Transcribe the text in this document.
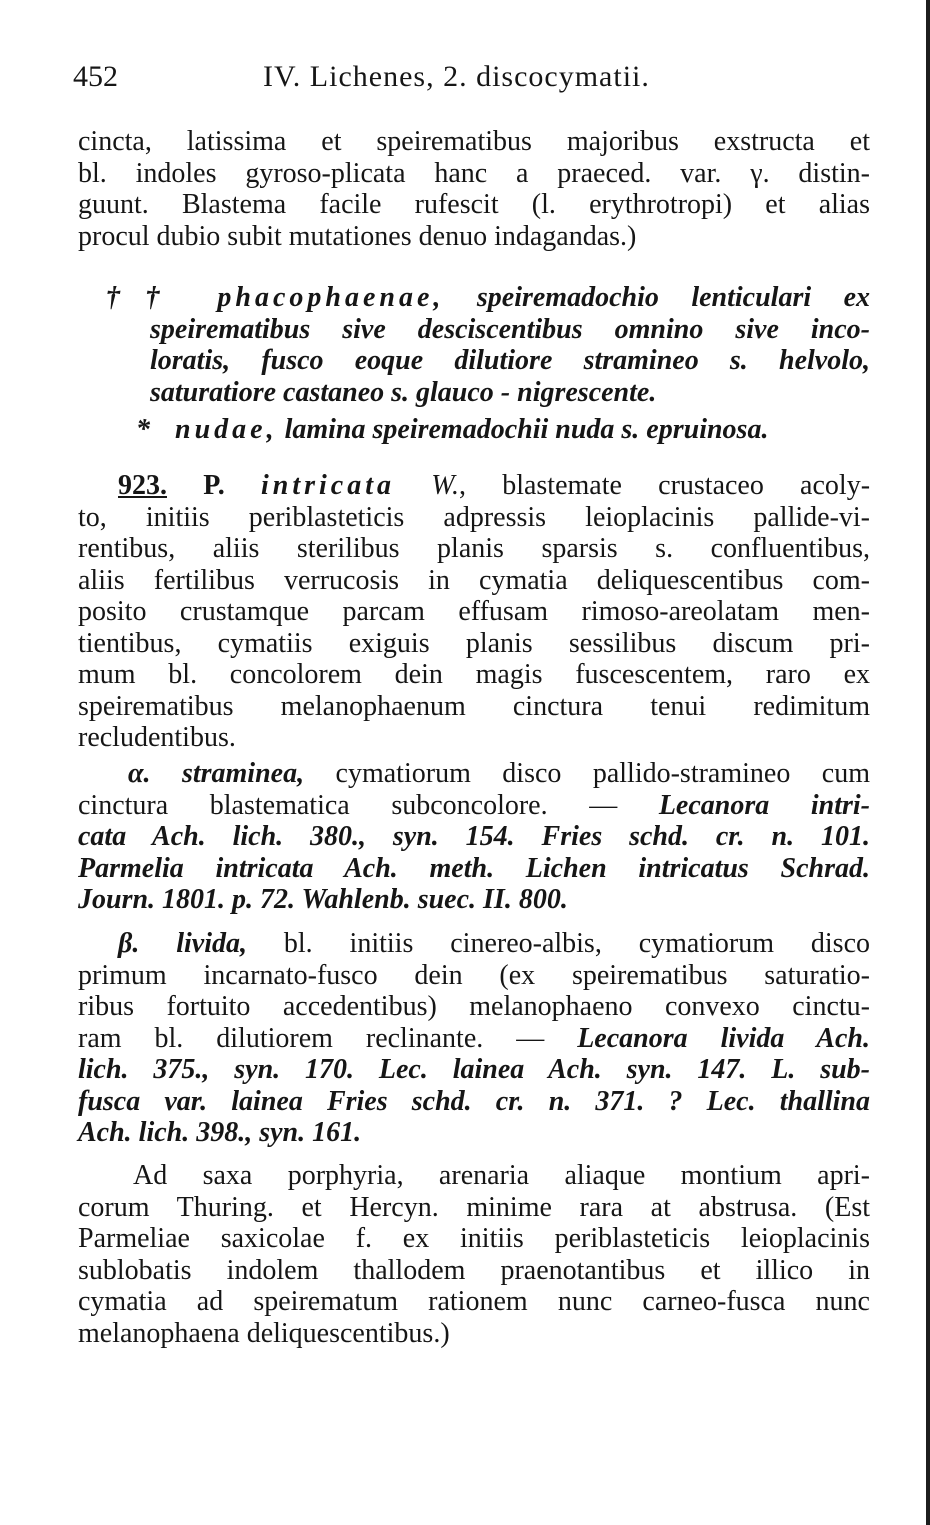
452	IV. Lichenes, 2. discocymatii.
cincta, latissima et speirematibus majoribus exstructa et
bl. indoles gyroso-plicata hanc a praeced. var. γ. distin-
guunt. Blastema facile rufescit (l. erythrotropi) et alias
procul dubio subit mutationes denuo indagandas.)
†† phacophaenae, speiremadochio lenticulari ex
speirematibus sive desciscentibus omnino sive inco-
loratis, fusco eoque dilutiore stramineo s. helvolo,
saturatiore castaneo s. glauco - nigrescente.
* nudae, lamina speiremadochii nuda s. epruinosa.
923. P. intricata W., blastemate crustaceo acoly-
to, initiis periblasteticis adpressis leioplacinis pallide-vi-
rentibus, aliis sterilibus planis sparsis s. confluentibus,
aliis fertilibus verrucosis in cymatia deliquescentibus com-
posito crustamque parcam effusam rimoso-areolatam men-
tientibus, cymatiis exiguis planis sessilibus discum pri-
mum bl. concolorem dein magis fuscescentem, raro ex
speirematibus melanophaenum cinctura tenui redimitum
recludentibus.
α. straminea, cymatiorum disco pallido-stramineo cum
cinctura blastematica subconcolore. — Lecanora intri-
cata Ach. lich. 380., syn. 154. Fries schd. cr. n. 101.
Parmelia intricata Ach. meth. Lichen intricatus Schrad.
Journ. 1801. p. 72. Wahlenb. suec. II. 800.
β. livida, bl. initiis cinereo-albis, cymatiorum disco
primum incarnato-fusco dein (ex speirematibus saturatio-
ribus fortuito accedentibus) melanophaeno convexo cinctu-
ram bl. dilutiorem reclinante. — Lecanora livida Ach.
lich. 375., syn. 170. Lec. lainea Ach. syn. 147. L. sub-
fusca var. lainea Fries schd. cr. n. 371. ? Lec. thallina
Ach. lich. 398., syn. 161.
Ad saxa porphyria, arenaria aliaque montium apri-
corum Thuring. et Hercyn. minime rara at abstrusa. (Est
Parmeliae saxicolae f. ex initiis periblasteticis leioplacinis
sublobatis indolem thallodem praenotantibus et illico in
cymatia ad speirematum rationem nunc carneo-fusca nunc
melanophaena deliquescentibus.)
